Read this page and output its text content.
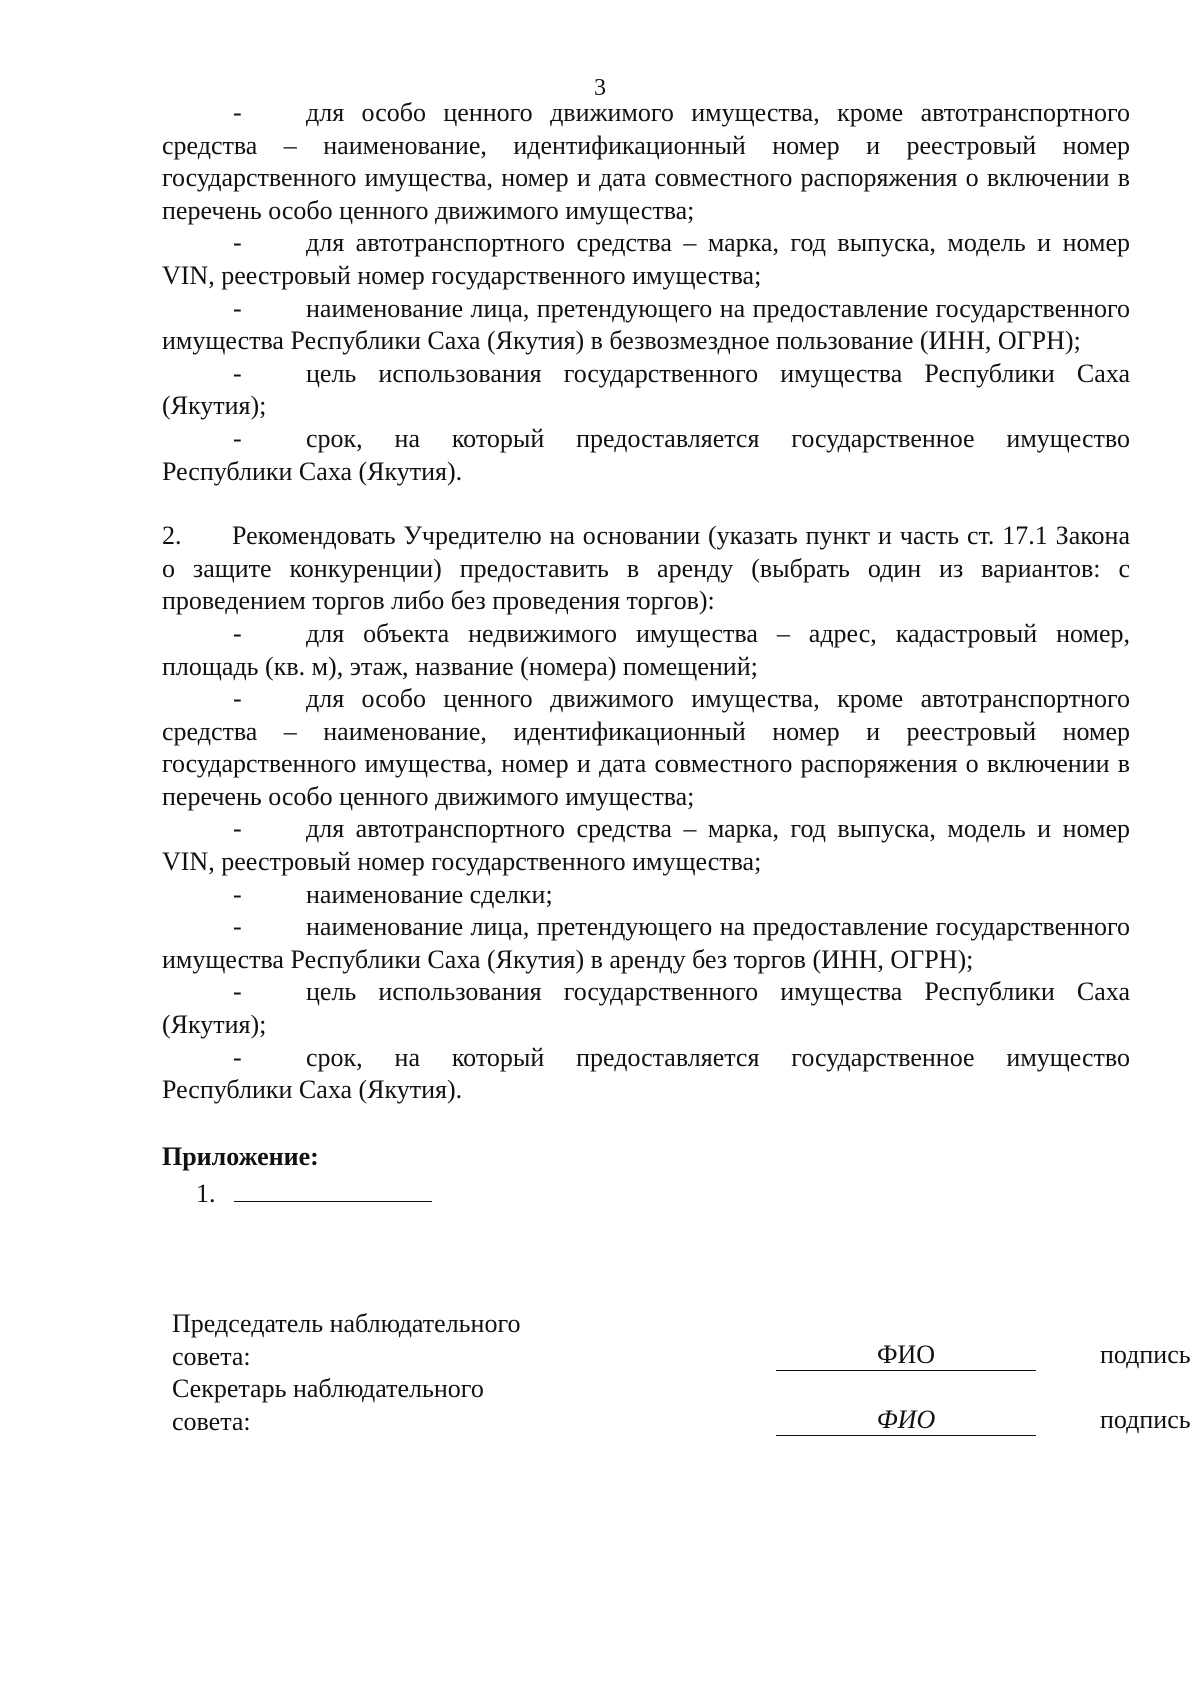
3

- для особо ценного движимого имущества, кроме автотранспортного средства – наименование, идентификационный номер и реестровый номер государственного имущества, номер и дата совместного распоряжения о включении в перечень особо ценного движимого имущества;

- для автотранспортного средства – марка, год выпуска, модель и номер VIN, реестровый номер государственного имущества;

- наименование лица, претендующего на предоставление государственного имущества Республики Саха (Якутия) в безвозмездное пользование (ИНН, ОГРН);

- цель использования государственного имущества Республики Саха (Якутия);

- срок, на который предоставляется государственное имущество Республики Саха (Якутия).

2. Рекомендовать Учредителю на основании (указать пункт и часть ст. 17.1 Закона о защите конкуренции) предоставить в аренду (выбрать один из вариантов: с проведением торгов либо без проведения торгов):

- для объекта недвижимого имущества – адрес, кадастровый номер, площадь (кв. м), этаж, название (номера) помещений;

- для особо ценного движимого имущества, кроме автотранспортного средства – наименование, идентификационный номер и реестровый номер государственного имущества, номер и дата совместного распоряжения о включении в перечень особо ценного движимого имущества;

- для автотранспортного средства – марка, год выпуска, модель и номер VIN, реестровый номер государственного имущества;

- наименование сделки;

- наименование лица, претендующего на предоставление государственного имущества Республики Саха (Якутия) в аренду без торгов (ИНН, ОГРН);

- цель использования государственного имущества Республики Саха (Якутия);

- срок, на который предоставляется государственное имущество Республики Саха (Якутия).

Приложение:

1.

Председатель наблюдательного
совета:	ФИО	подпись
Секретарь наблюдательного
совета:	ФИО	подпись
